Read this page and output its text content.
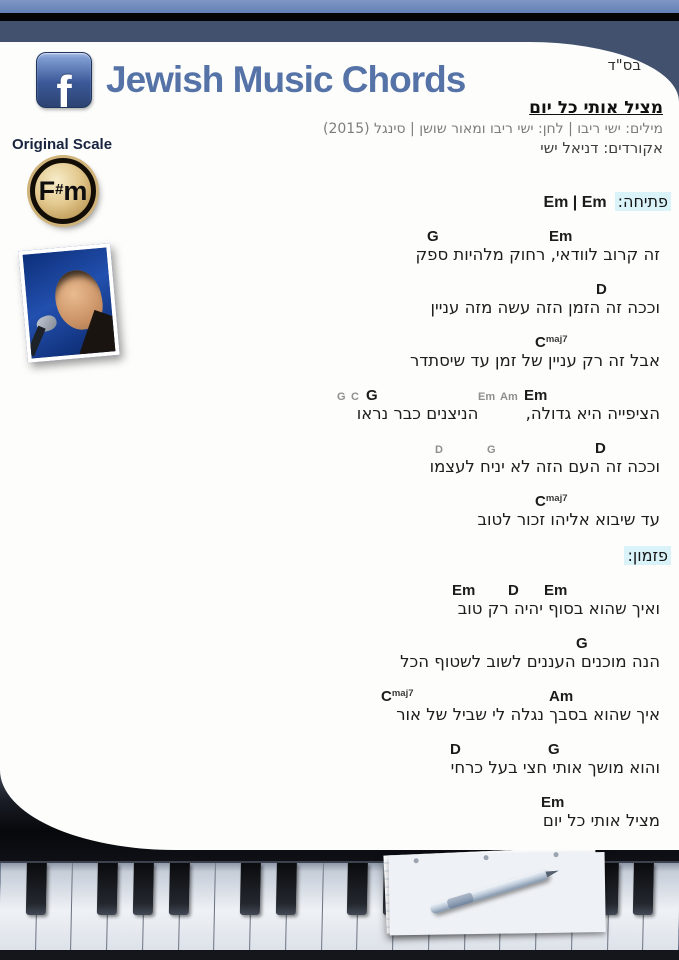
בס"ד
f Jewish Music Chords
מציל אותי כל יום
מילים: ישי ריבו | לחן: ישי ריבו ומאור שושן | סינגל (2015)
אקורדים: דניאל ישי
Original Scale
F#m	פתיחה:Em | Em
G	Em
זה קרוב לוודאי, רחוק מלהיות ספק
D
וככה זה הזמן הזה עשה מזה עניין
$C^{maj7}$
אבל זה רק עניין של זמן עד שיסתדר
G C G	Em Am Em
הציפייה היא גדולה,         הניצנים כבר נראו
D	G	D
וככה זה העם הזה לא יניח לעצמו
$C^{maj7}$
עד שיבוא אליהו זכור לטוב
פזמון:
Em D Em
ואיך שהוא בסוף יהיה רק טוב
G
הנה מוכנים העננים לשוב לשטוף הכל
$C^{maj7}$	Am
איך שהוא בסבך נגלה לי שביל של אור
D	G
והוא מושך אותי חצי בעל כרחי
Em
מציל אותי כל יום
